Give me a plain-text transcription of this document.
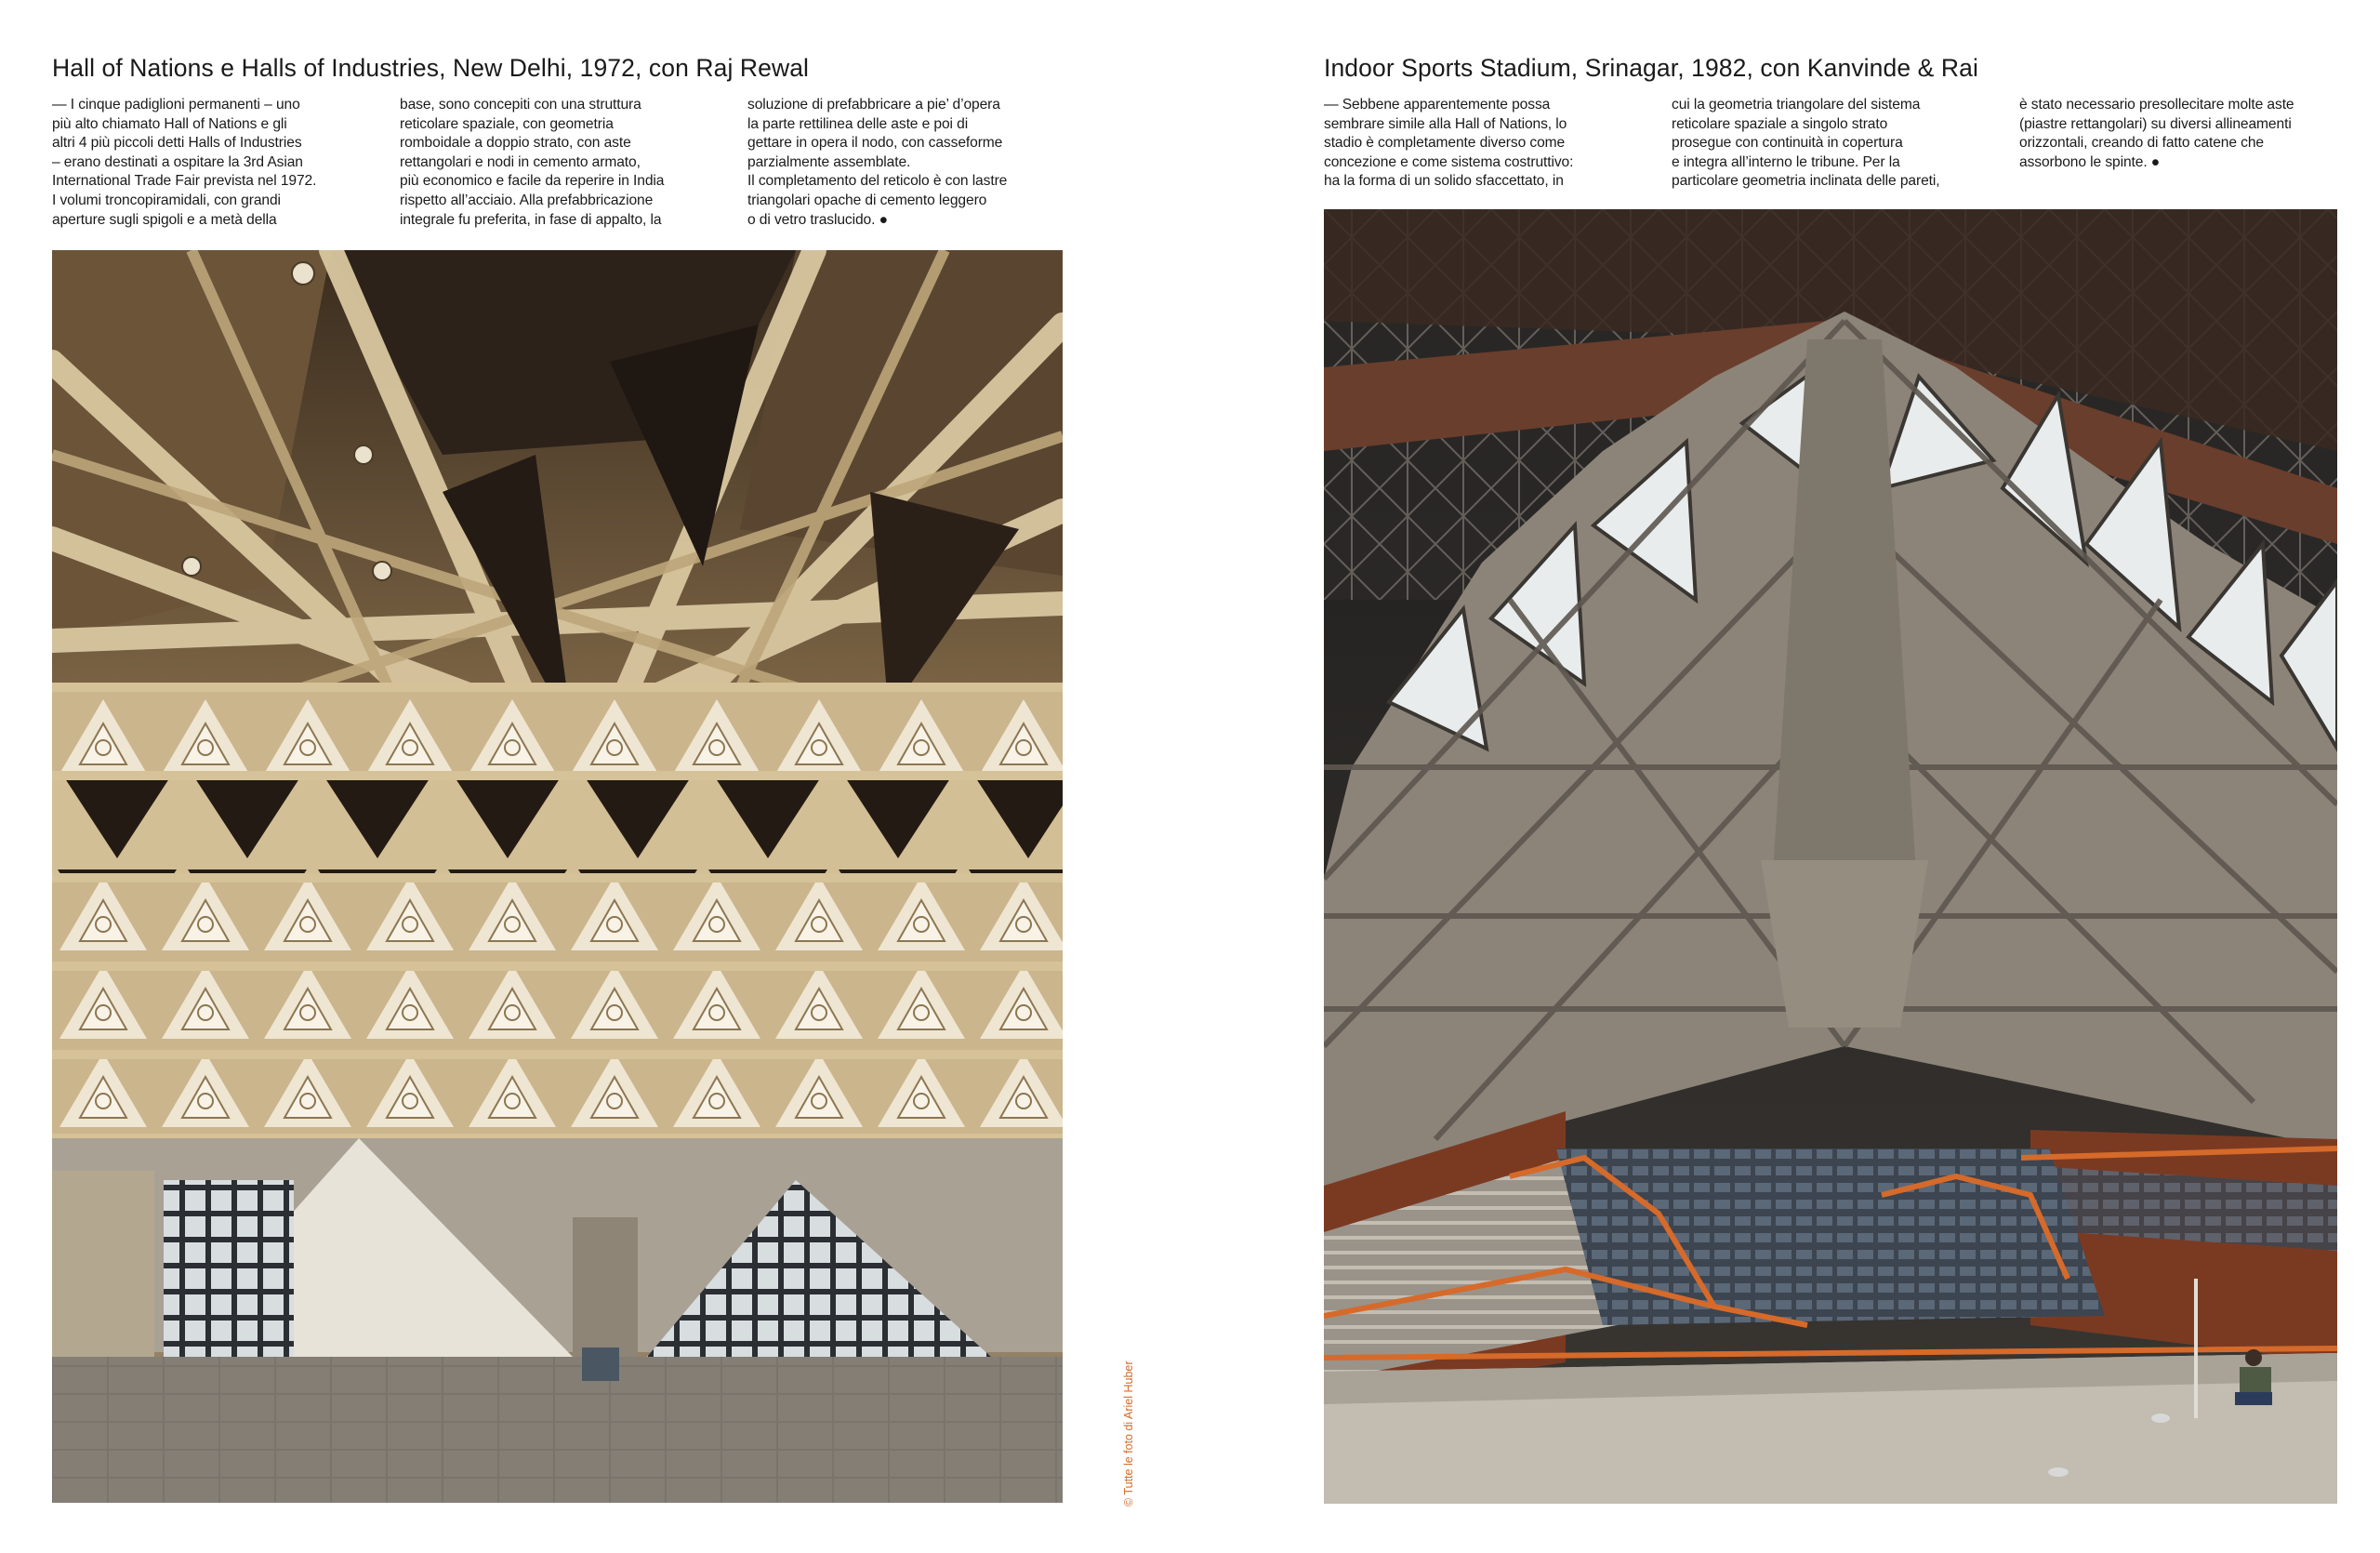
Hall of Nations e Halls of Industries, New Delhi, 1972, con Raj Rewal

— I cinque padiglioni permanenti – uno
più alto chiamato Hall of Nations e gli
altri 4 più piccoli detti Halls of Industries
– erano destinati a ospitare la 3rd Asian
International Trade Fair prevista nel 1972.
I volumi troncopiramidali, con grandi
aperture sugli spigoli e a metà della

base, sono concepiti con una struttura
reticolare spaziale, con geometria
romboidale a doppio strato, con aste
rettangolari e nodi in cemento armato,
più economico e facile da reperire in India
rispetto all’acciaio. Alla prefabbricazione
integrale fu preferita, in fase di appalto, la

soluzione di prefabbricare a pie’ d’opera
la parte rettilinea delle aste e poi di
gettare in opera il nodo, con casseforme
parzialmente assemblate.
Il completamento del reticolo è con lastre
triangolari opache di cemento leggero
o di vetro traslucido. ●

© Tutte le foto di Ariel Huber
Indoor Sports Stadium, Srinagar, 1982, con Kanvinde & Rai

— Sebbene apparentemente possa
sembrare simile alla Hall of Nations, lo
stadio è completamente diverso come
concezione e come sistema costruttivo:
ha la forma di un solido sfaccettato, in

cui la geometria triangolare del sistema
reticolare spaziale a singolo strato
prosegue con continuità in copertura
e integra all’interno le tribune. Per la
particolare geometria inclinata delle pareti,

è stato necessario presollecitare molte aste
(piastre rettangolari) su diversi allineamenti
orizzontali, creando di fatto catene che
assorbono le spinte. ●
